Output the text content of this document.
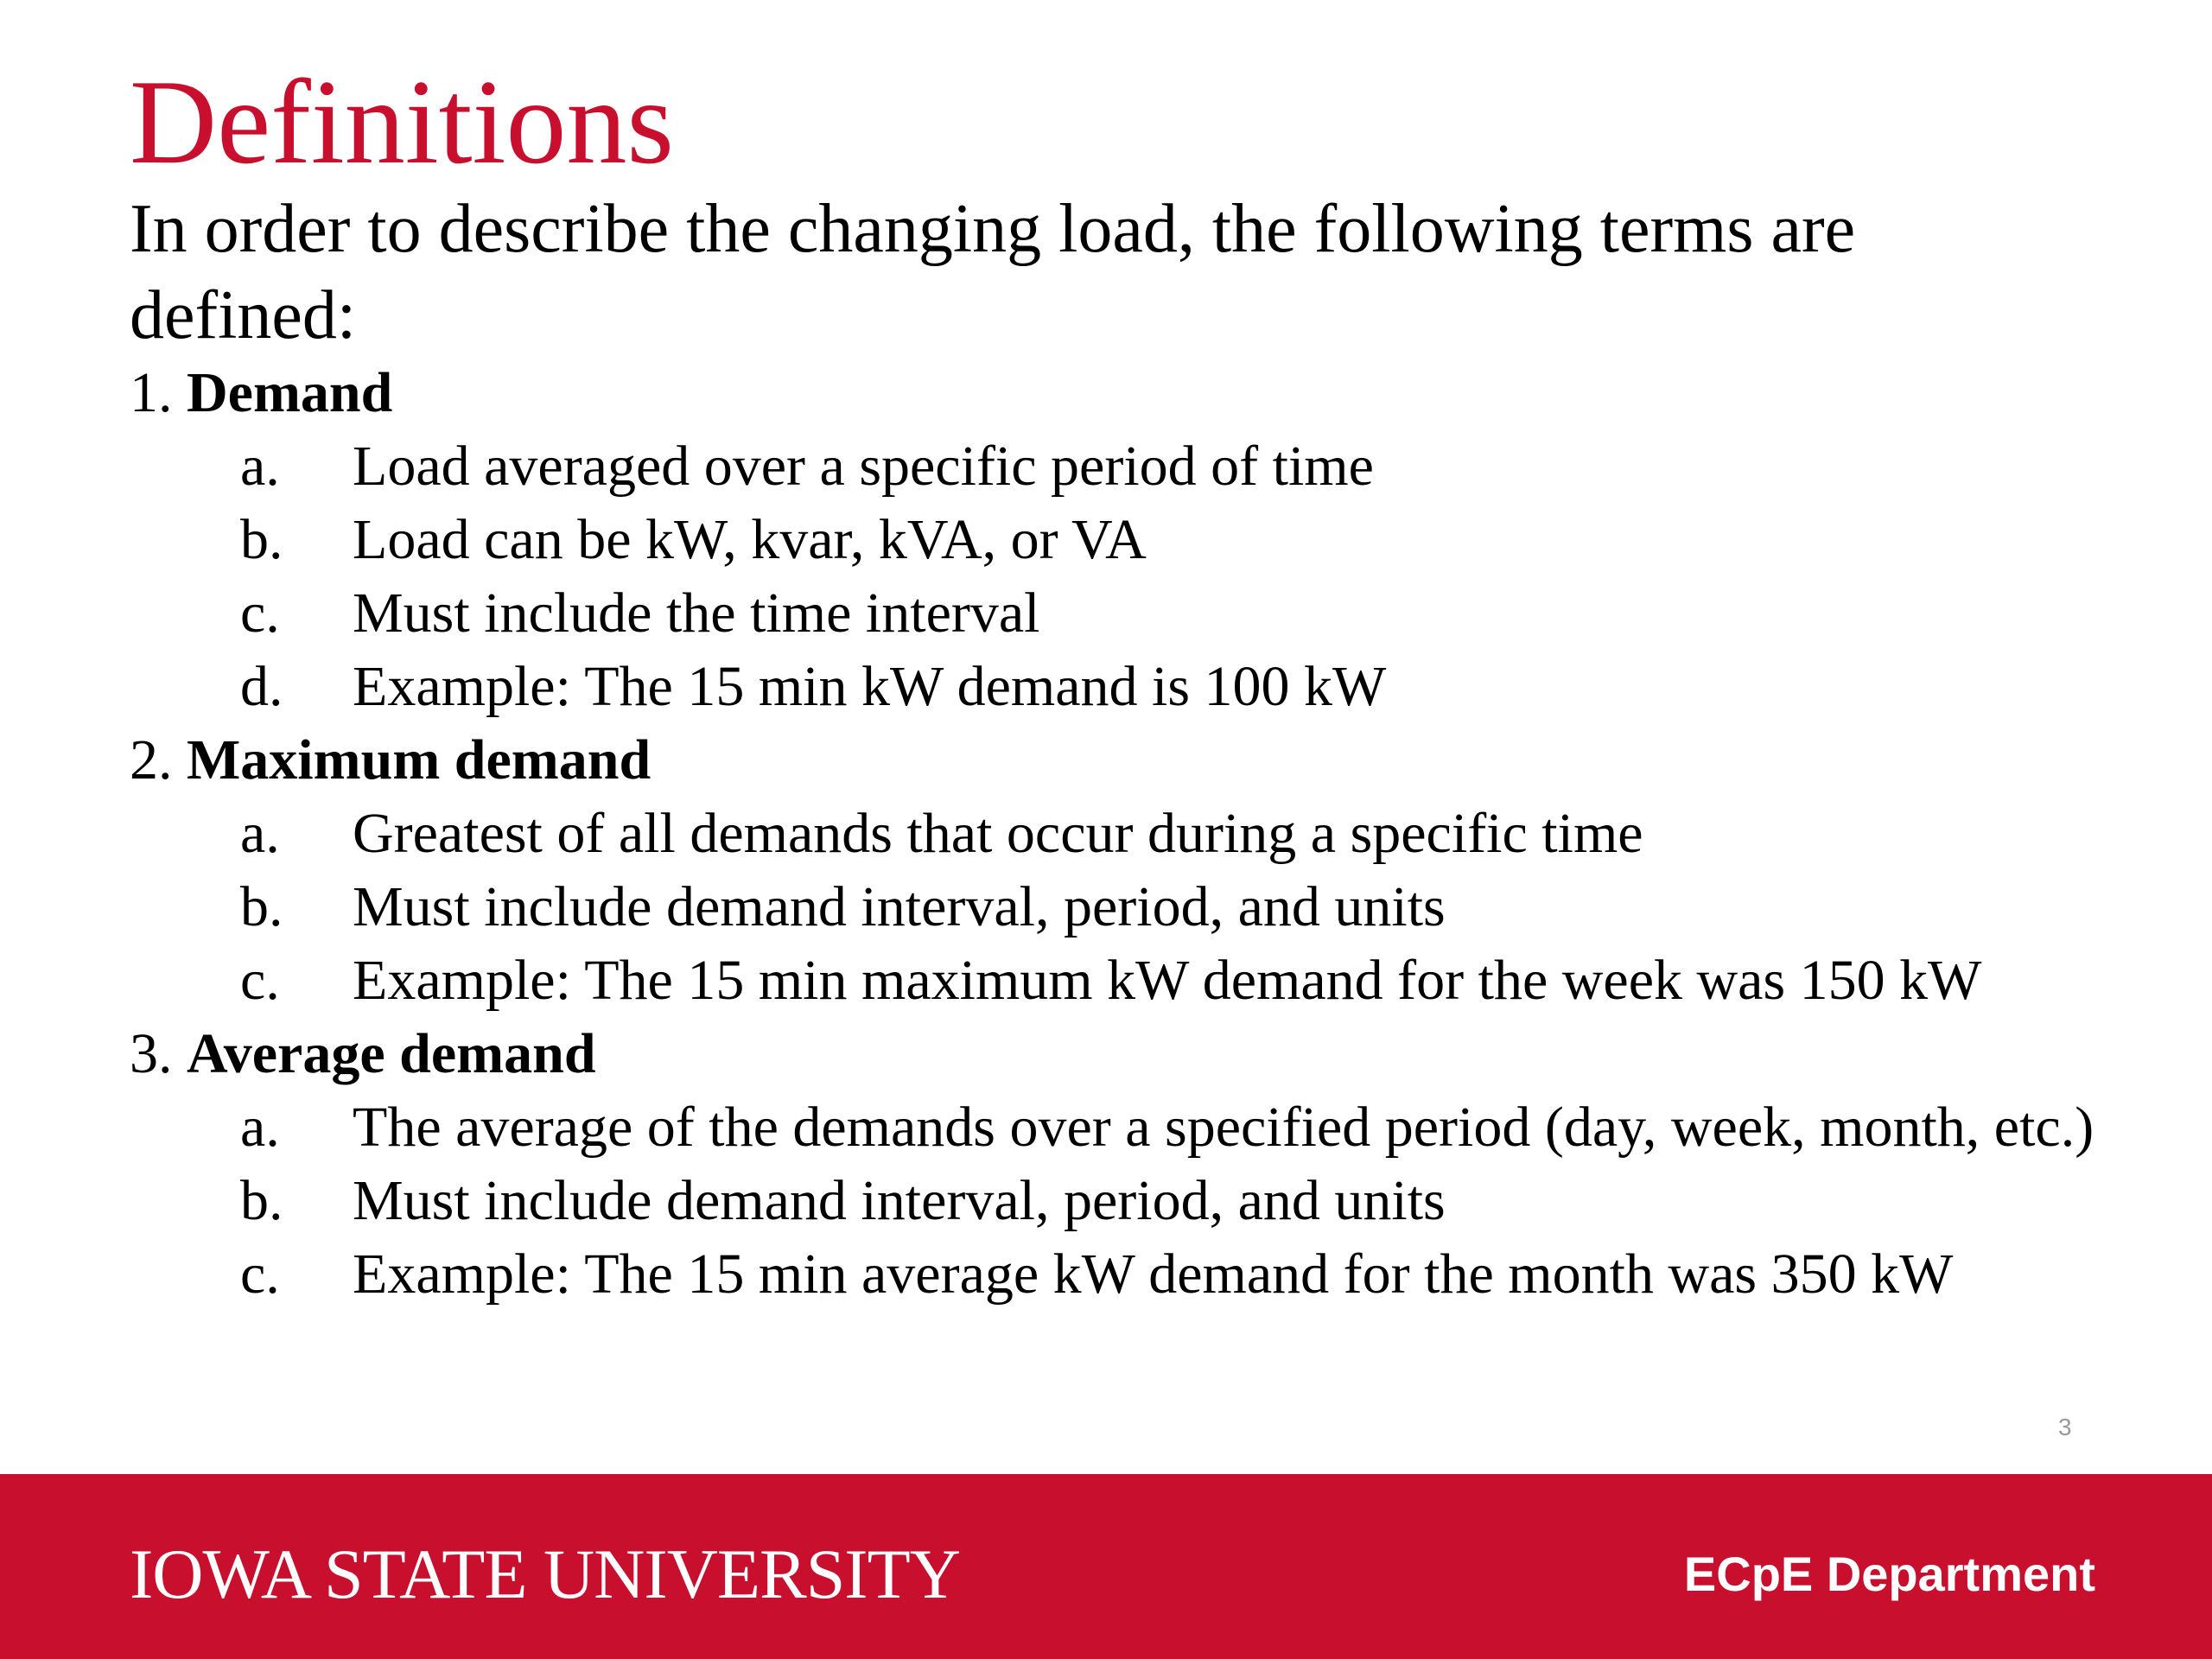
Definitions
In order to describe the changing load, the following terms are defined:
1. Demand
a. Load averaged over a specific period of time
b. Load can be kW, kvar, kVA, or VA
c. Must include the time interval
d. Example: The 15 min kW demand is 100 kW
2. Maximum demand
a. Greatest of all demands that occur during a specific time
b. Must include demand interval, period, and units
c. Example: The 15 min maximum kW demand for the week was 150 kW
3. Average demand
a. The average of the demands over a specified period (day, week, month, etc.)
b. Must include demand interval, period, and units
c. Example: The 15 min average kW demand for the month was 350 kW
3
IOWA STATE UNIVERSITY	ECpE Department
